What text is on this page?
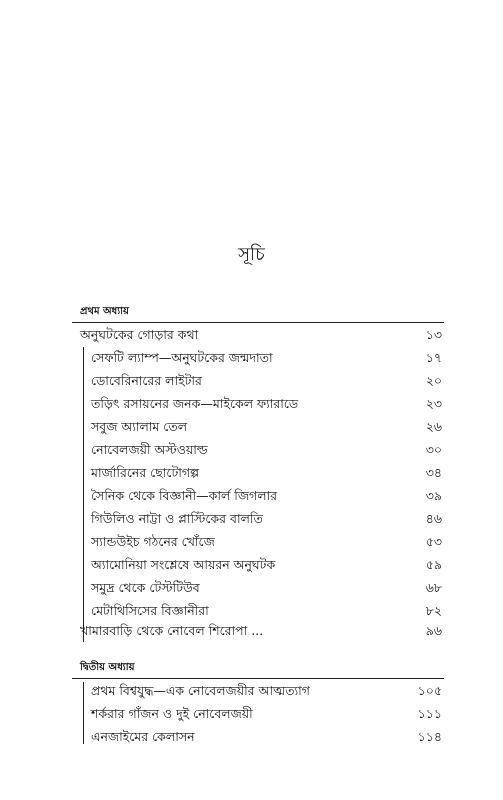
সূচি
প্রথম অধ্যায়
অনুঘটকের গোড়ার কথা	১৩
সেফটি ল্যাম্প—অনুঘটকের জন্মদাতা	১৭
ডোবেরিনারের লাইটার	২০
তড়িৎ রসায়নের জনক—মাইকেল ফ্যারাডে	২৩
সবুজ অ্যালাম তেল	২৬
নোবেলজয়ী অস্টওয়াল্ড	৩০
মার্জারিনের ছোটোগল্প	৩৪
সৈনিক থেকে বিজ্ঞানী—কার্ল জিগলার	৩৯
গিউলিও নাট্টা ও প্লাস্টিকের বালতি	৪৬
স্যান্ডউইচ গঠনের খোঁজে	৫৩
অ্যামোনিয়া সংশ্লেষে আয়রন অনুঘটক	৫৯
সমুদ্র থেকে টেস্টটিউব	৬৮
মেটাথিসিসের বিজ্ঞানীরা	৮২
খামারবাড়ি থেকে নোবেল শিরোপা ...	৯৬
দ্বিতীয় অধ্যায়
প্রথম বিশ্বযুদ্ধ—এক নোবেলজয়ীর আত্মত্যাগ	১০৫
শর্করার গাঁজন ও দুই নোবেলজয়ী	১১১
এনজাইমের কেলাসন	১১৪
